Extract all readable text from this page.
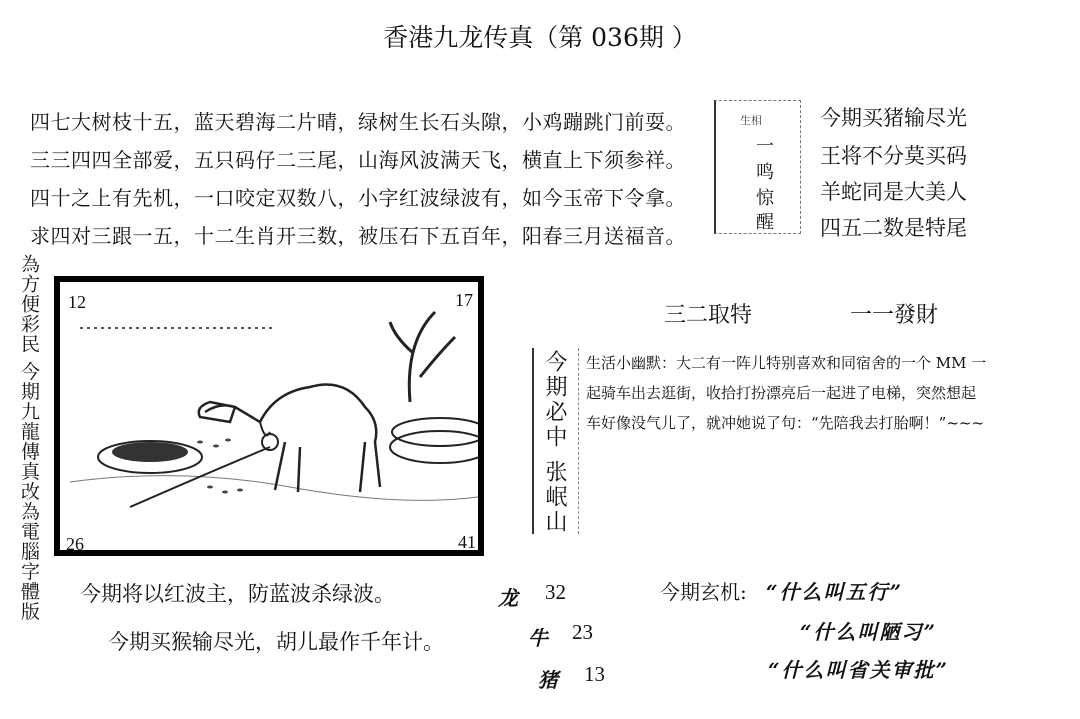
香港九龙传真（第 036期 ）
四七大树枝十五，蓝天碧海二片晴，绿树生长石头隙，小鸡蹦跳门前耍。
三三四四全部爱，五只码仔二三尾，山海风波满天飞，横直上下须参祥。
四十之上有先机，一口咬定双数八，小字红波绿波有，如今玉帝下令拿。
求四对三跟一五，十二生肖开三数，被压石下五百年，阳春三月送福音。
生相
一
鸣
惊
醒
今期买猪输尽光
王将不分莫买码
羊蛇同是大美人
四五二数是特尾
為方便彩民 今期九龍傳真改為電腦字體版 12	17
26	41
三二取特	一一發財
今期必中 张岷山 生活小幽默：大二有一阵儿特别喜欢和同宿舍的一个 MM 一
起骑车出去逛街，收拾打扮漂亮后一起进了电梯，突然想起
车好像没气儿了，就冲她说了句：“先陪我去打胎啊！”~~~
今期将以红波主，防蓝波杀绿波。
今期买猴输尽光，胡儿最作千年计。
龙 32
牛 23
猪 13
今期玄机: “什么叫五行”
“什么叫陋习”
“什么叫省关审批”
